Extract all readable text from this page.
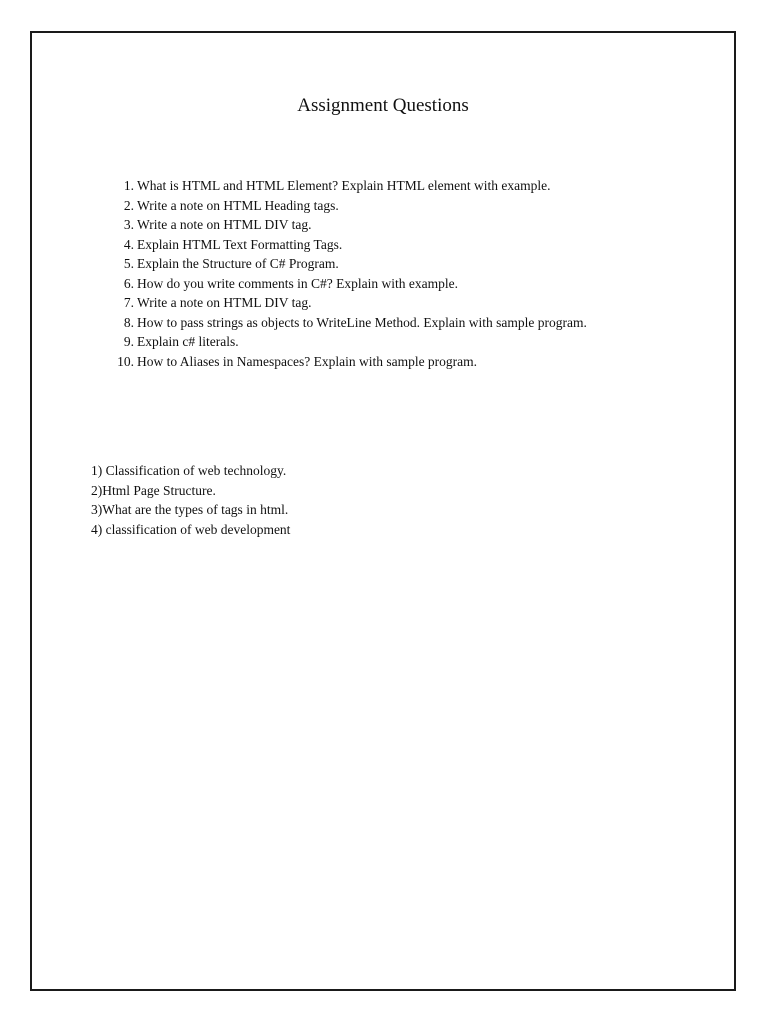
Assignment Questions
1. What is HTML and HTML Element? Explain HTML element with example.
2. Write a note on HTML Heading tags.
3. Write a note on HTML DIV tag.
4. Explain HTML Text Formatting Tags.
5. Explain the Structure of C# Program.
6. How do you write comments in C#? Explain with example.
7. Write a note on HTML DIV tag.
8. How to pass strings as objects to WriteLine Method. Explain with sample program.
9. Explain c# literals.
10. How to Aliases in Namespaces? Explain with sample program.
1) Classification of web technology.
2)Html Page Structure.
3)What are the types of tags in html.
4) classification of web development
